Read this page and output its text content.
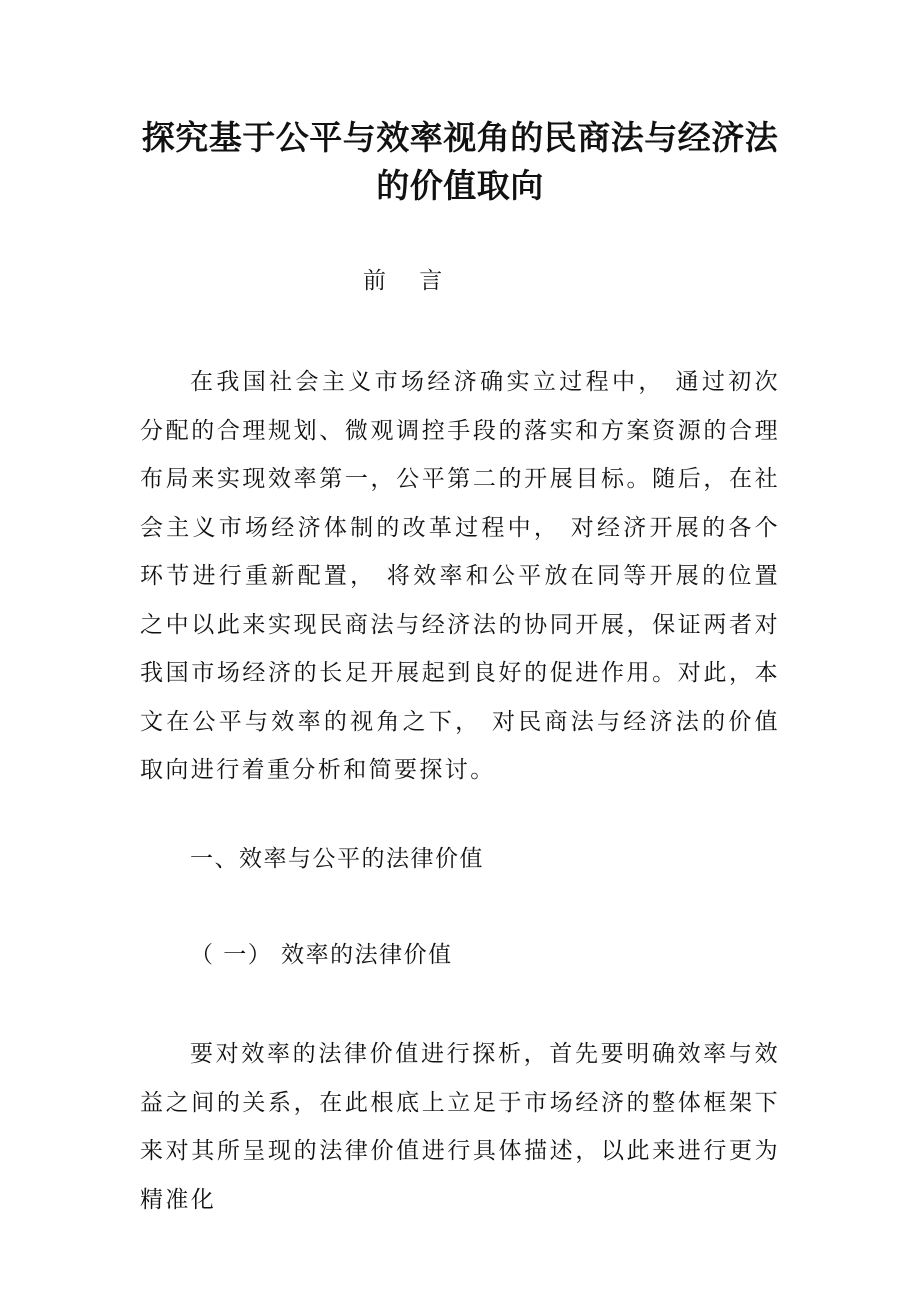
探究基于公平与效率视角的民商法与经济法的价值取向
前 言

在我国社会主义市场经济确实立过程中， 通过初次分配的合理规划、微观调控手段的落实和方案资源的合理布局来实现效率第一，公平第二的开展目标。随后，在社会主义市场经济体制的改革过程中， 对经济开展的各个环节进行重新配置， 将效率和公平放在同等开展的位置之中以此来实现民商法与经济法的协同开展，保证两者对我国市场经济的长足开展起到良好的促进作用。对此，本文在公平与效率的视角之下， 对民商法与经济法的价值取向进行着重分析和简要探讨。

一、效率与公平的法律价值
（ 一） 效率的法律价值

要对效率的法律价值进行探析，首先要明确效率与效益之间的关系，在此根底上立足于市场经济的整体框架下来对其所呈现的法律价值进行具体描述，以此来进行更为精准化
